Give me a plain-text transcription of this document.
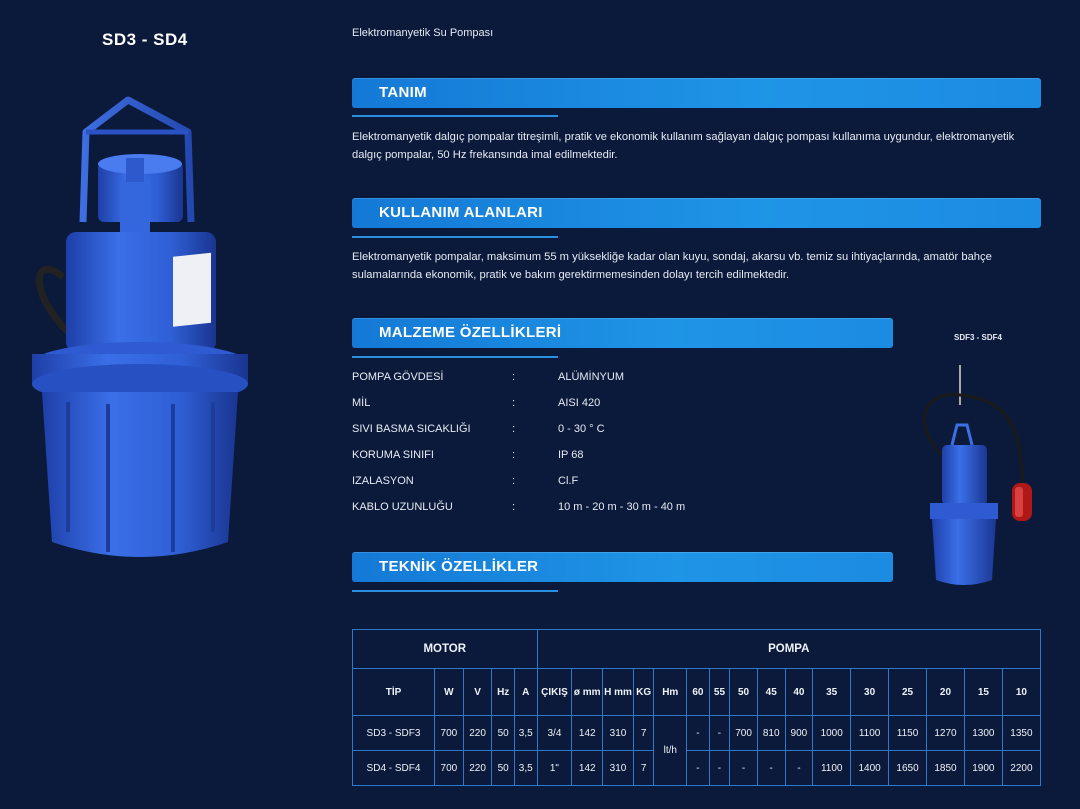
SD3 - SD4	Elektromanyetik Su Pompası
TANIM
Elektromanyetik dalgıç pompalar titreşimli, pratik ve ekonomik kullanım sağlayan dalgıç pompası kullanıma uygundur, elektromanyetik dalgıç pompalar, 50 Hz frekansında imal edilmektedir.
KULLANIM ALANLARI
Elektromanyetik pompalar, maksimum 55 m yüksekliğe kadar olan kuyu, sondaj, akarsu vb. temiz su ihtiyaçlarında, amatör bahçe sulamalarında ekonomik, pratik ve bakım gerektirmemesinden dolayı tercih edilmektedir.
MALZEME ÖZELLİKLERİ
POMPA GÖVDESİ	:	ALÜMİNYUM
MİL	:	AISI 420
SIVI BASMA SICAKLIĞI	:	0 - 30 ° C
KORUMA SINIFI	:	IP 68
IZALASYON	:	Cl.F
KABLO UZUNLUĞU	:	10 m - 20 m - 30 m - 40 m
SDF3 - SDF4
TEKNİK ÖZELLİKLER
MOTOR					POMPA															
TİP	W	V	Hz	A	ÇIKIŞ	ø mm	H mm	KG	Hm	60	55	50	45	40	35	30	25	20	15	10
SD3 - SDF3	700	220	50	3,5	3/4	142	310	7	lt/h	-	-	700	810	900	1000	1100	1150	1270	1300	1350
SD4 - SDF4	700	220	50	3,5	1"	142	310	7		-	-	-	-	-	1100	1400	1650	1850	1900	2200
